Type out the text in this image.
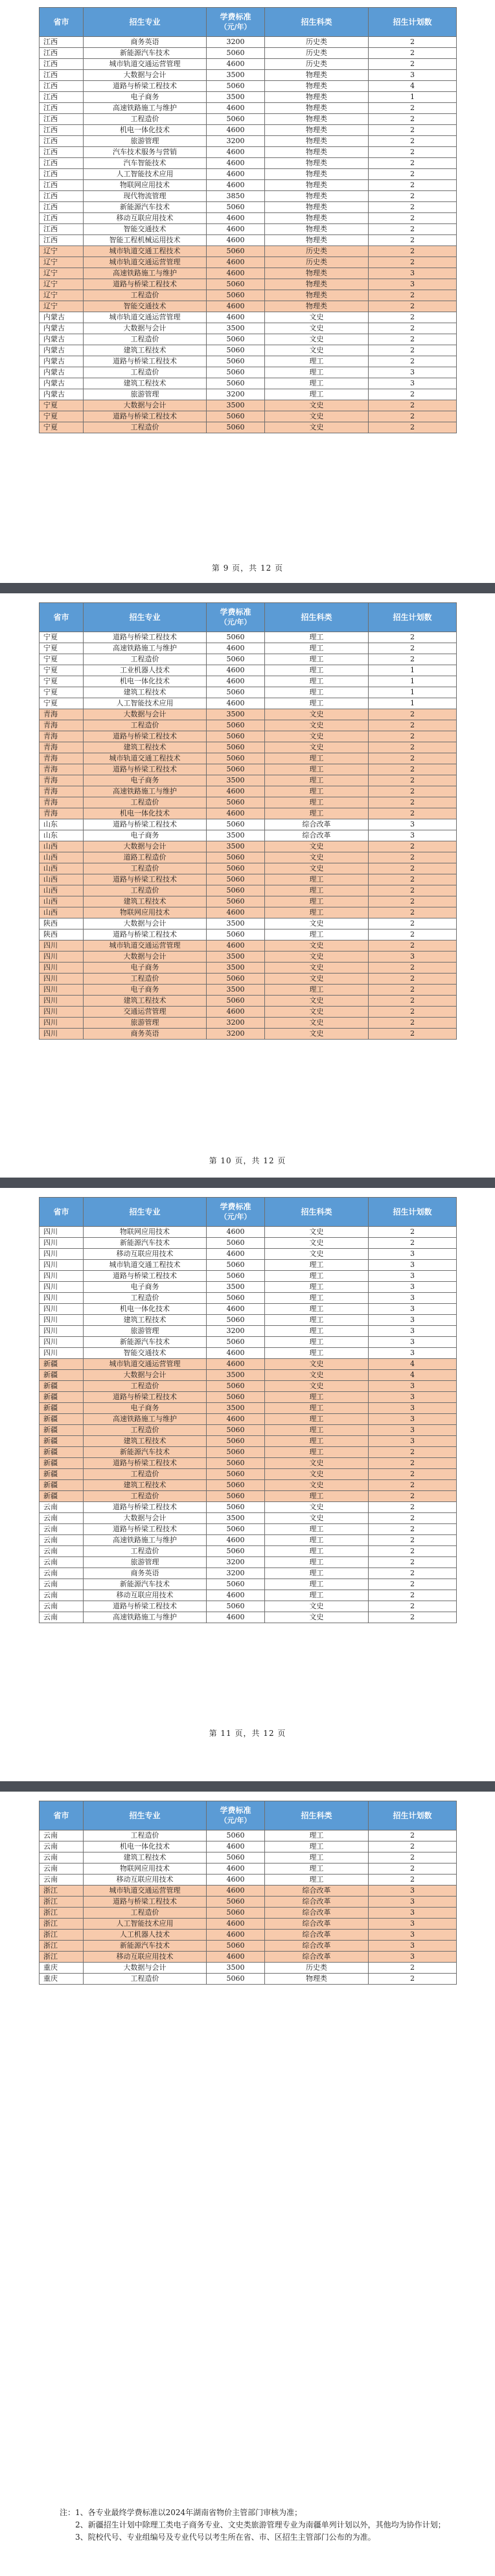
省市	招生专业	学费标准
（元/年）	招生科类	招生计划数
江西	商务英语	3200	历史类	2
江西	新能源汽车技术	5060	历史类	2
江西	城市轨道交通运营管理	4600	历史类	2
江西	大数据与会计	3500	物理类	3
江西	道路与桥梁工程技术	5060	物理类	4
江西	电子商务	3500	物理类	1
江西	高速铁路施工与维护	4600	物理类	2
江西	工程造价	5060	物理类	2
江西	机电一体化技术	4600	物理类	2
江西	旅游管理	3200	物理类	2
江西	汽车技术服务与营销	4600	物理类	2
江西	汽车智能技术	4600	物理类	2
江西	人工智能技术应用	4600	物理类	2
江西	物联网应用技术	4600	物理类	2
江西	现代物流管理	3850	物理类	2
江西	新能源汽车技术	5060	物理类	2
江西	移动互联应用技术	4600	物理类	2
江西	智能交通技术	4600	物理类	2
江西	智能工程机械运用技术	4600	物理类	2
辽宁	城市轨道交通工程技术	5060	历史类	2
辽宁	城市轨道交通运营管理	4600	历史类	2
辽宁	高速铁路施工与维护	4600	物理类	3
辽宁	道路与桥梁工程技术	5060	物理类	3
辽宁	工程造价	5060	物理类	2
辽宁	智能交通技术	4600	物理类	2
内蒙古	城市轨道交通运营管理	4600	文史	2
内蒙古	大数据与会计	3500	文史	2
内蒙古	工程造价	5060	文史	2
内蒙古	建筑工程技术	5060	文史	2
内蒙古	道路与桥梁工程技术	5060	理工	2
内蒙古	工程造价	5060	理工	3
内蒙古	建筑工程技术	5060	理工	3
内蒙古	旅游管理	3200	理工	2
宁夏	大数据与会计	3500	文史	2
宁夏	道路与桥梁工程技术	5060	文史	2
宁夏	工程造价	5060	文史	2
第 9 页，共 12 页
省市	招生专业	学费标准
（元/年）	招生科类	招生计划数
宁夏	道路与桥梁工程技术	5060	理工	2
宁夏	高速铁路施工与维护	4600	理工	2
宁夏	工程造价	5060	理工	2
宁夏	工业机器人技术	4600	理工	1
宁夏	机电一体化技术	4600	理工	1
宁夏	建筑工程技术	5060	理工	1
宁夏	人工智能技术应用	4600	理工	1
青海	大数据与会计	3500	文史	2
青海	工程造价	5060	文史	2
青海	道路与桥梁工程技术	5060	文史	2
青海	建筑工程技术	5060	文史	2
青海	城市轨道交通工程技术	5060	理工	2
青海	道路与桥梁工程技术	5060	理工	2
青海	电子商务	3500	理工	2
青海	高速铁路施工与维护	4600	理工	2
青海	工程造价	5060	理工	2
青海	机电一体化技术	4600	理工	2
山东	道路与桥梁工程技术	5060	综合改革	3
山东	电子商务	3500	综合改革	3
山西	大数据与会计	3500	文史	2
山西	道路工程造价	5060	文史	2
山西	工程造价	5060	文史	2
山西	道路与桥梁工程技术	5060	理工	2
山西	工程造价	5060	理工	2
山西	建筑工程技术	5060	理工	2
山西	物联网应用技术	4600	理工	2
陕西	大数据与会计	3500	文史	2
陕西	道路与桥梁工程技术	5060	理工	2
四川	城市轨道交通运营管理	4600	文史	2
四川	大数据与会计	3500	文史	3
四川	电子商务	3500	文史	2
四川	工程造价	5060	文史	2
四川	电子商务	3500	理工	2
四川	建筑工程技术	5060	文史	2
四川	交通运营管理	4600	文史	2
四川	旅游管理	3200	文史	2
四川	商务英语	3200	文史	2
第 10 页，共 12 页
省市	招生专业	学费标准
（元/年）	招生科类	招生计划数
四川	物联网应用技术	4600	文史	2
四川	新能源汽车技术	5060	文史	2
四川	移动互联应用技术	4600	文史	3
四川	城市轨道交通工程技术	5060	理工	3
四川	道路与桥梁工程技术	5060	理工	3
四川	电子商务	3500	理工	3
四川	工程造价	5060	理工	3
四川	机电一体化技术	4600	理工	3
四川	建筑工程技术	5060	理工	3
四川	旅游管理	3200	理工	3
四川	新能源汽车技术	5060	理工	3
四川	智能交通技术	4600	理工	3
新疆	城市轨道交通运营管理	4600	文史	4
新疆	大数据与会计	3500	文史	4
新疆	工程造价	5060	文史	3
新疆	道路与桥梁工程技术	5060	理工	3
新疆	电子商务	3500	理工	3
新疆	高速铁路施工与维护	4600	理工	3
新疆	工程造价	5060	理工	3
新疆	建筑工程技术	5060	理工	3
新疆	新能源汽车技术	5060	理工	2
新疆	道路与桥梁工程技术	5060	文史	2
新疆	工程造价	5060	文史	2
新疆	建筑工程技术	5060	文史	2
新疆	工程造价	5060	理工	2
云南	道路与桥梁工程技术	5060	文史	2
云南	大数据与会计	3500	文史	2
云南	道路与桥梁工程技术	5060	理工	2
云南	高速铁路施工与维护	4600	理工	2
云南	工程造价	5060	理工	2
云南	旅游管理	3200	理工	2
云南	商务英语	3200	理工	2
云南	新能源汽车技术	5060	理工	2
云南	移动互联应用技术	4600	理工	2
云南	道路与桥梁工程技术	5060	文史	2
云南	高速铁路施工与维护	4600	文史	2
第 11 页，共 12 页
省市	招生专业	学费标准
（元/年）	招生科类	招生计划数
云南	工程造价	5060	理工	2
云南	机电一体化技术	4600	理工	2
云南	建筑工程技术	5060	理工	2
云南	物联网应用技术	4600	理工	2
云南	移动互联应用技术	4600	理工	2
浙江	城市轨道交通运营管理	4600	综合改革	3
浙江	道路与桥梁工程技术	5060	综合改革	3
浙江	工程造价	5060	综合改革	3
浙江	人工智能技术应用	4600	综合改革	3
浙江	人工机器人技术	4600	综合改革	3
浙江	新能源汽车技术	5060	综合改革	3
浙江	移动互联应用技术	4600	综合改革	3
重庆	大数据与会计	3500	历史类	2
重庆	工程造价	5060	物理类	2

注：1、各专业最终学费标准以2024年湖南省物价主管部门审核为准；

2、新疆招生计划中除理工类电子商务专业、文史类旅游管理专业为南疆单列计划以外，其他均为协作计划；

3、院校代号、专业组编号及专业代号以考生所在省、市、区招生主管部门公布的为准。
